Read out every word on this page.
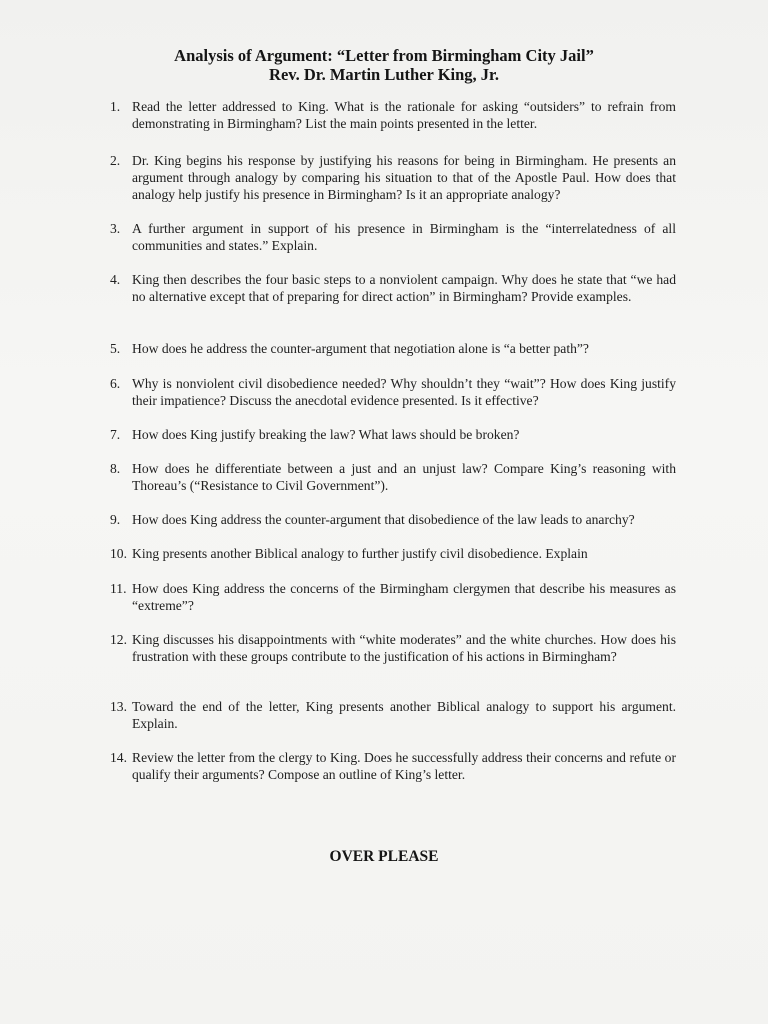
Analysis of Argument: “Letter from Birmingham City Jail”
Rev. Dr. Martin Luther King, Jr.
1. Read the letter addressed to King. What is the rationale for asking “outsiders” to refrain from demonstrating in Birmingham? List the main points presented in the letter.
2. Dr. King begins his response by justifying his reasons for being in Birmingham. He presents an argument through analogy by comparing his situation to that of the Apostle Paul. How does that analogy help justify his presence in Birmingham? Is it an appropriate analogy?
3. A further argument in support of his presence in Birmingham is the “interrelatedness of all communities and states.” Explain.
4. King then describes the four basic steps to a nonviolent campaign. Why does he state that “we had no alternative except that of preparing for direct action” in Birmingham? Provide examples.
5. How does he address the counter-argument that negotiation alone is “a better path”?
6. Why is nonviolent civil disobedience needed? Why shouldn’t they “wait”? How does King justify their impatience? Discuss the anecdotal evidence presented. Is it effective?
7. How does King justify breaking the law? What laws should be broken?
8. How does he differentiate between a just and an unjust law? Compare King’s reasoning with Thoreau’s (“Resistance to Civil Government”).
9. How does King address the counter-argument that disobedience of the law leads to anarchy?
10. King presents another Biblical analogy to further justify civil disobedience. Explain
11. How does King address the concerns of the Birmingham clergymen that describe his measures as “extreme”?
12. King discusses his disappointments with “white moderates” and the white churches. How does his frustration with these groups contribute to the justification of his actions in Birmingham?
13. Toward the end of the letter, King presents another Biblical analogy to support his argument. Explain.
14. Review the letter from the clergy to King. Does he successfully address their concerns and refute or qualify their arguments? Compose an outline of King’s letter.
OVER PLEASE
